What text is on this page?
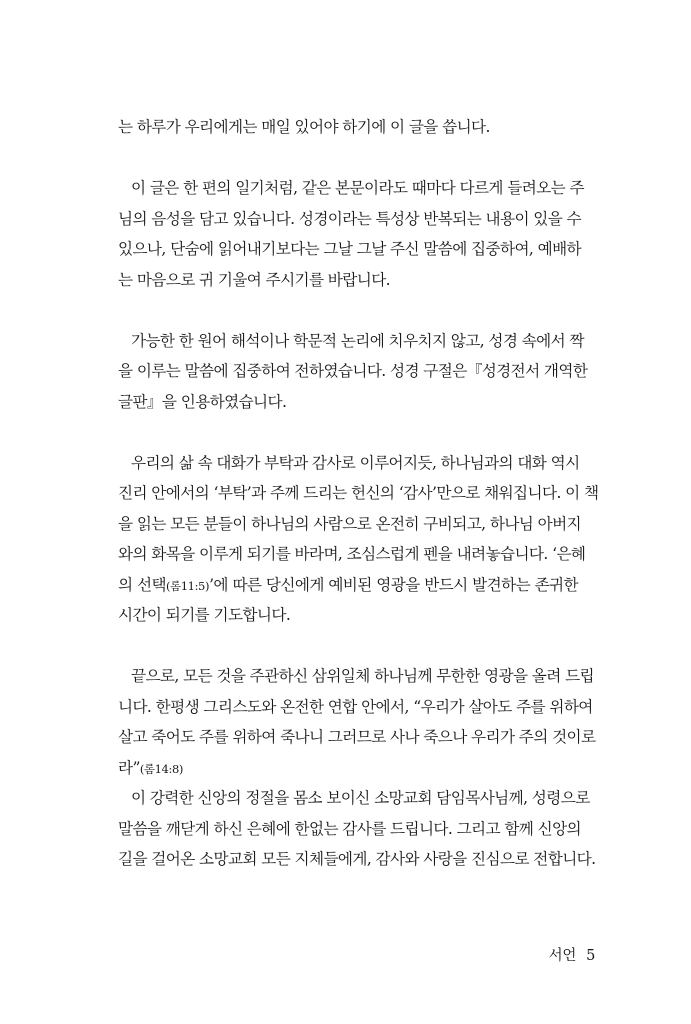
는 하루가 우리에게는 매일 있어야 하기에 이 글을 씁니다.
이 글은 한 편의 일기처럼, 같은 본문이라도 때마다 다르게 들려오는 주
님의 음성을 담고 있습니다. 성경이라는 특성상 반복되는 내용이 있을 수
있으나, 단숨에 읽어내기보다는 그날 그날 주신 말씀에 집중하여, 예배하
는 마음으로 귀 기울여 주시기를 바랍니다.
가능한 한 원어 해석이나 학문적 논리에 치우치지 않고, 성경 속에서 짝
을 이루는 말씀에 집중하여 전하였습니다. 성경 구절은『성경전서 개역한
글판』을 인용하였습니다.
우리의 삶 속 대화가 부탁과 감사로 이루어지듯, 하나님과의 대화 역시
진리 안에서의 ‘부탁’과 주께 드리는 헌신의 ‘감사’만으로 채워집니다. 이 책
을 읽는 모든 분들이 하나님의 사람으로 온전히 구비되고, 하나님 아버지
와의 화목을 이루게 되기를 바라며, 조심스럽게 펜을 내려놓습니다. ‘은혜
의 선택(롬11:5)’에 따른 당신에게 예비된 영광을 반드시 발견하는 존귀한
시간이 되기를 기도합니다.
끝으로, 모든 것을 주관하신 삼위일체 하나님께 무한한 영광을 올려 드립
니다. 한평생 그리스도와 온전한 연합 안에서, “우리가 살아도 주를 위하여
살고 죽어도 주를 위하여 죽나니 그러므로 사나 죽으나 우리가 주의 것이로
라”(롬14:8)
이 강력한 신앙의 정절을 몸소 보이신 소망교회 담임목사님께, 성령으로
말씀을 깨닫게 하신 은혜에 한없는 감사를 드립니다. 그리고 함께 신앙의
길을 걸어온 소망교회 모든 지체들에게, 감사와 사랑을 진심으로 전합니다.
서언 5
